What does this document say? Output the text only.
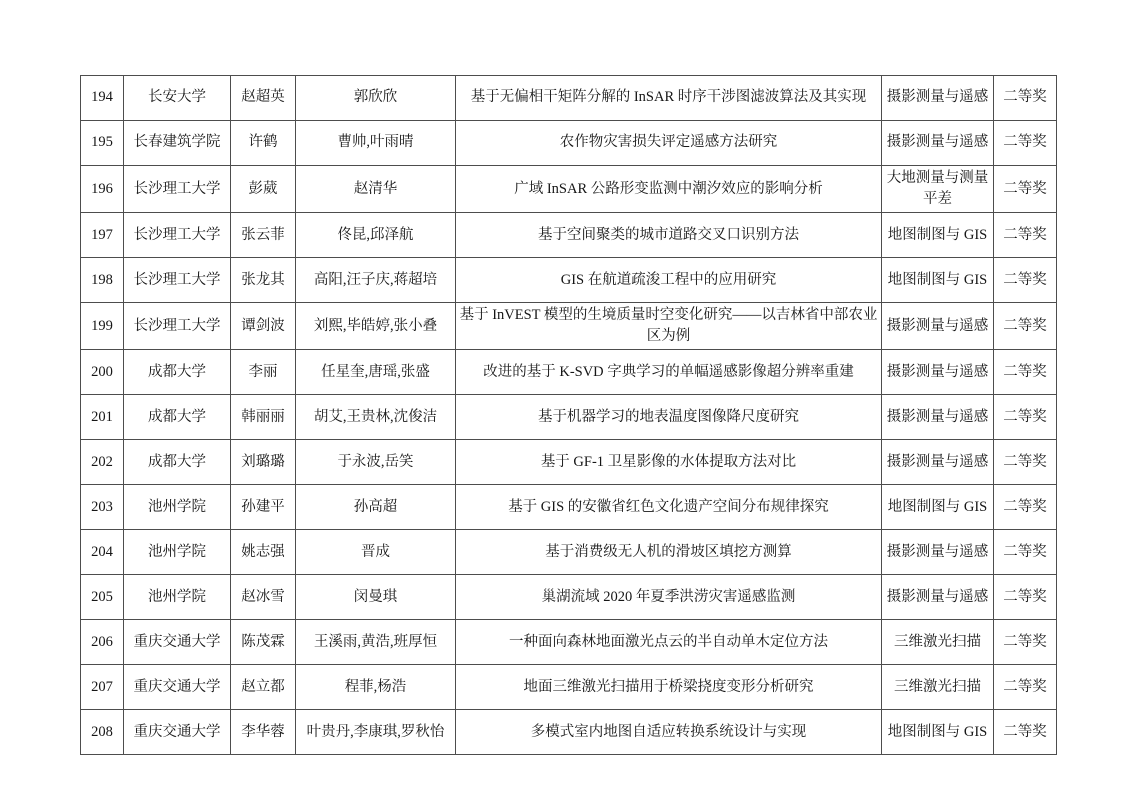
194	长安大学	赵超英	郭欣欣	基于无偏相干矩阵分解的 InSAR 时序干涉图滤波算法及其实现	摄影测量与遥感	二等奖
195	长春建筑学院	许鹤	曹帅,叶雨晴	农作物灾害损失评定遥感方法研究	摄影测量与遥感	二等奖
196	长沙理工大学	彭葳	赵清华	广域 InSAR 公路形变监测中潮汐效应的影响分析	大地测量与测量平差	二等奖
197	长沙理工大学	张云菲	佟昆,邱泽航	基于空间聚类的城市道路交叉口识别方法	地图制图与 GIS	二等奖
198	长沙理工大学	张龙其	高阳,汪子庆,蒋超培	GIS 在航道疏浚工程中的应用研究	地图制图与 GIS	二等奖
199	长沙理工大学	谭剑波	刘熙,毕皓婷,张小叠	基于 InVEST 模型的生境质量时空变化研究——以吉林省中部农业区为例	摄影测量与遥感	二等奖
200	成都大学	李丽	任星奎,唐瑶,张盛	改进的基于 K-SVD 字典学习的单幅遥感影像超分辨率重建	摄影测量与遥感	二等奖
201	成都大学	韩丽丽	胡艾,王贵林,沈俊洁	基于机器学习的地表温度图像降尺度研究	摄影测量与遥感	二等奖
202	成都大学	刘璐璐	于永波,岳笑	基于 GF-1 卫星影像的水体提取方法对比	摄影测量与遥感	二等奖
203	池州学院	孙建平	孙高超	基于 GIS 的安徽省红色文化遗产空间分布规律探究	地图制图与 GIS	二等奖
204	池州学院	姚志强	晋成	基于消费级无人机的滑坡区填挖方测算	摄影测量与遥感	二等奖
205	池州学院	赵冰雪	闵曼琪	巢湖流域 2020 年夏季洪涝灾害遥感监测	摄影测量与遥感	二等奖
206	重庆交通大学	陈茂霖	王溪雨,黄浩,班厚恒	一种面向森林地面激光点云的半自动单木定位方法	三维激光扫描	二等奖
207	重庆交通大学	赵立都	程菲,杨浩	地面三维激光扫描用于桥梁挠度变形分析研究	三维激光扫描	二等奖
208	重庆交通大学	李华蓉	叶贵丹,李康琪,罗秋怡	多模式室内地图自适应转换系统设计与实现	地图制图与 GIS	二等奖
